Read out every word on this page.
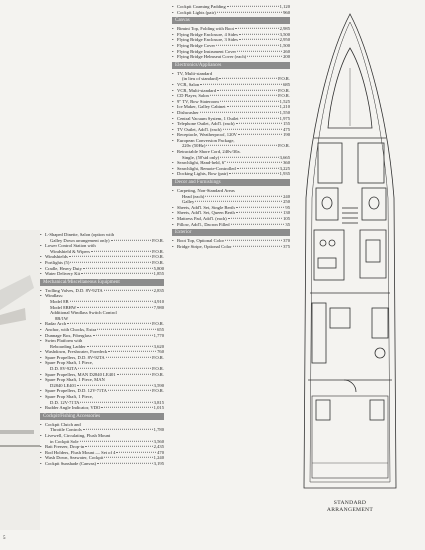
• Cockpit Coaming Padding	1,120
• Cockpit Lights (pair)	960
Canvas
• Bimini Top, Folding with Boot	2,985
• Flying Bridge Enclosure, 4 Sides	3,500
• Flying Bridge Enclosure, 3 Sides	2,950
• Flying Bridge Cover	1,500
• Flying Bridge Instrument Cover	260
• Flying Bridge Helmseat Cover (each)	200
Electronics/Appliances
• TV, Multi-standard
(in lieu of standard)	P.O.R.
• VCR, Salon	685
• VCR, Multi-standard	P.O.R.
• CD Player, Salon	P.O.R.
• 9" TV, Bow Stateroom	1,525
• Ice Maker, Galley Cabinet	1,210
• Dishwasher	1,550
• Central Vacuum System, 1 Outlet	1,975
• Telephone Outlet, Add'l. (each)	155
• TV Outlet, Add'l. (each)	475
• Receptacle, Weatherproof, 120V	190
• European Conversion Package,
220v (50Hz)	P.O.R.
• Retractable Shore Cord, 240v/30a.
Single, (50'std only)	3,665
• Searchlight, Hand-held, 6"	360
• Searchlight, Remote-Controlled	3,225
• Docking Lights, Bow (pair)	1,935
Decor and Furnishings
• Carpeting, Non-Standard Areas
Head (each)	240
Galley	250
• Sheets, Add'l. Set, Single Berth	95
• Sheets, Add'l. Set, Queen Berth	130
• Mattress Pad, Add'l. (each)	105
• Pillow, Add'l., Dacron Filled	35
Exterior
• Boot Top, Optional Color	370
• Bridge Stripe, Optional Color	375
• L-Shaped Dinette, Salon (option with
Galley Down arrangement only)	P.O.R.
• Lower Control Station with
Windshield & Wipers	P.O.R.
• Windshields	P.O.R.
• Portlights (5)	P.O.R.
• Cradle, Heavy Duty	5,800
• Water Delivery Kit	1,855
Mechanical/Miscellaneous Equipment
• Trolling Valves, D.D. 8V-92TA	2,835
• Windlass:
Model 8B	4,910
Model 8BHW	7,980
Additional Windlass Switch Control
8B/1W
• Radar Arch	P.O.R.
• Anchor, with Chocks, Extra	655
• Dunnage Box, Fiberglass	1,770
• Swim Platform with
Reboarding Ladder	3,620
• Washdown, Freshwater, Foredeck	760
• Spare Propellers, D.D. 8V-92TA	P.O.R.
• Spare Prop Shaft, 1 Piece,
D.D. 8V-92TA	P.O.R.
• Spare Propellers, MAN D2840 LE401	P.O.R.
• Spare Prop Shaft, 1 Piece, MAN
D2840 LE401	3,590
• Spare Propellers, D.D. 12V-71TA	P.O.R.
• Spare Prop Shaft, 1 Piece,
D.D. 12V-71TA	3,815
• Rudder Angle Indicator, VDO	1,015
Cockpit/Fishing Accessories
• Cockpit Clutch and
Throttle Controls	1,780
• Livewell, Circulating, Flush Mount
in Cockpit Sole	3,560
• Bait Freezer, Drop-in	2,435
• Rod Holders, Flush Mount — Set of 4	470
• Wash Down, Seawater, Cockpit	1,240
• Cockpit Sunshade (Canvas)	3,195
STANDARD
ARRANGEMENT
5
